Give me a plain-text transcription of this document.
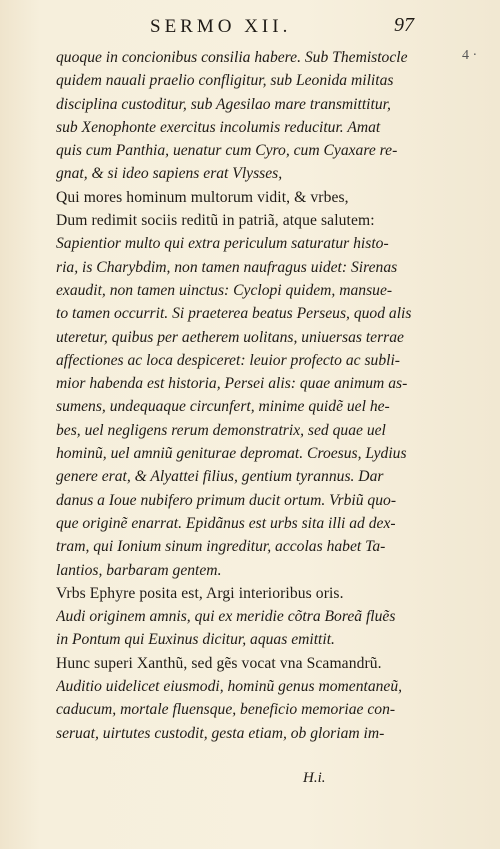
SERMO XII.	97
4 ·
quoque in concionibus consilia habere. Sub Themistocle
quidem nauali praelio confligitur, sub Leonida militas
disciplina custoditur, sub Agesilao mare transmittitur,
sub Xenophonte exercitus incolumis reducitur. Amat
quis cum Panthia, uenatur cum Cyro, cum Cyaxare re-
gnat, & si ideo sapiens erat Vlysses,
Qui mores hominum multorum vidit, & vrbes,
Dum redimit sociis reditũ in patriã, atque salutem:
Sapientior multo qui extra periculum saturatur histo-
ria, is Charybdim, non tamen naufragus uidet: Sirenas
exaudit, non tamen uinctus: Cyclopi quidem, mansue-
to tamen occurrit. Si praeterea beatus Perseus, quod alis
uteretur, quibus per aetherem uolitans, uniuersas terrae
affectiones ac loca despiceret: leuior profecto ac subli-
mior habenda est historia, Persei alis: quae animum as-
sumens, undequaque circunfert, minime quidẽ uel he-
bes, uel negligens rerum demonstratrix, sed quae uel
hominũ, uel amniũ geniturae depromat. Croesus, Lydius
genere erat, & Alyattei filius, gentium tyrannus. Dar
danus a Ioue nubifero primum ducit ortum. Vrbiũ quo-
que originẽ enarrat. Epidãnus est urbs sita illi ad dex-
tram, qui Ionium sinum ingreditur, accolas habet Ta-
lantios, barbaram gentem.
Vrbs Ephyre posita est, Argi interioribus oris.
Audi originem amnis, qui ex meridie cõtra Boreã fluẽs
in Pontum qui Euxinus dicitur, aquas emittit.
Hunc superi Xanthũ, sed gẽs vocat vna Scamandrũ.
Auditio uidelicet eiusmodi, hominũ genus momentaneũ,
caducum, mortale fluensque, beneficio memoriae con-
seruat, uirtutes custodit, gesta etiam, ob gloriam im-
H.i.
